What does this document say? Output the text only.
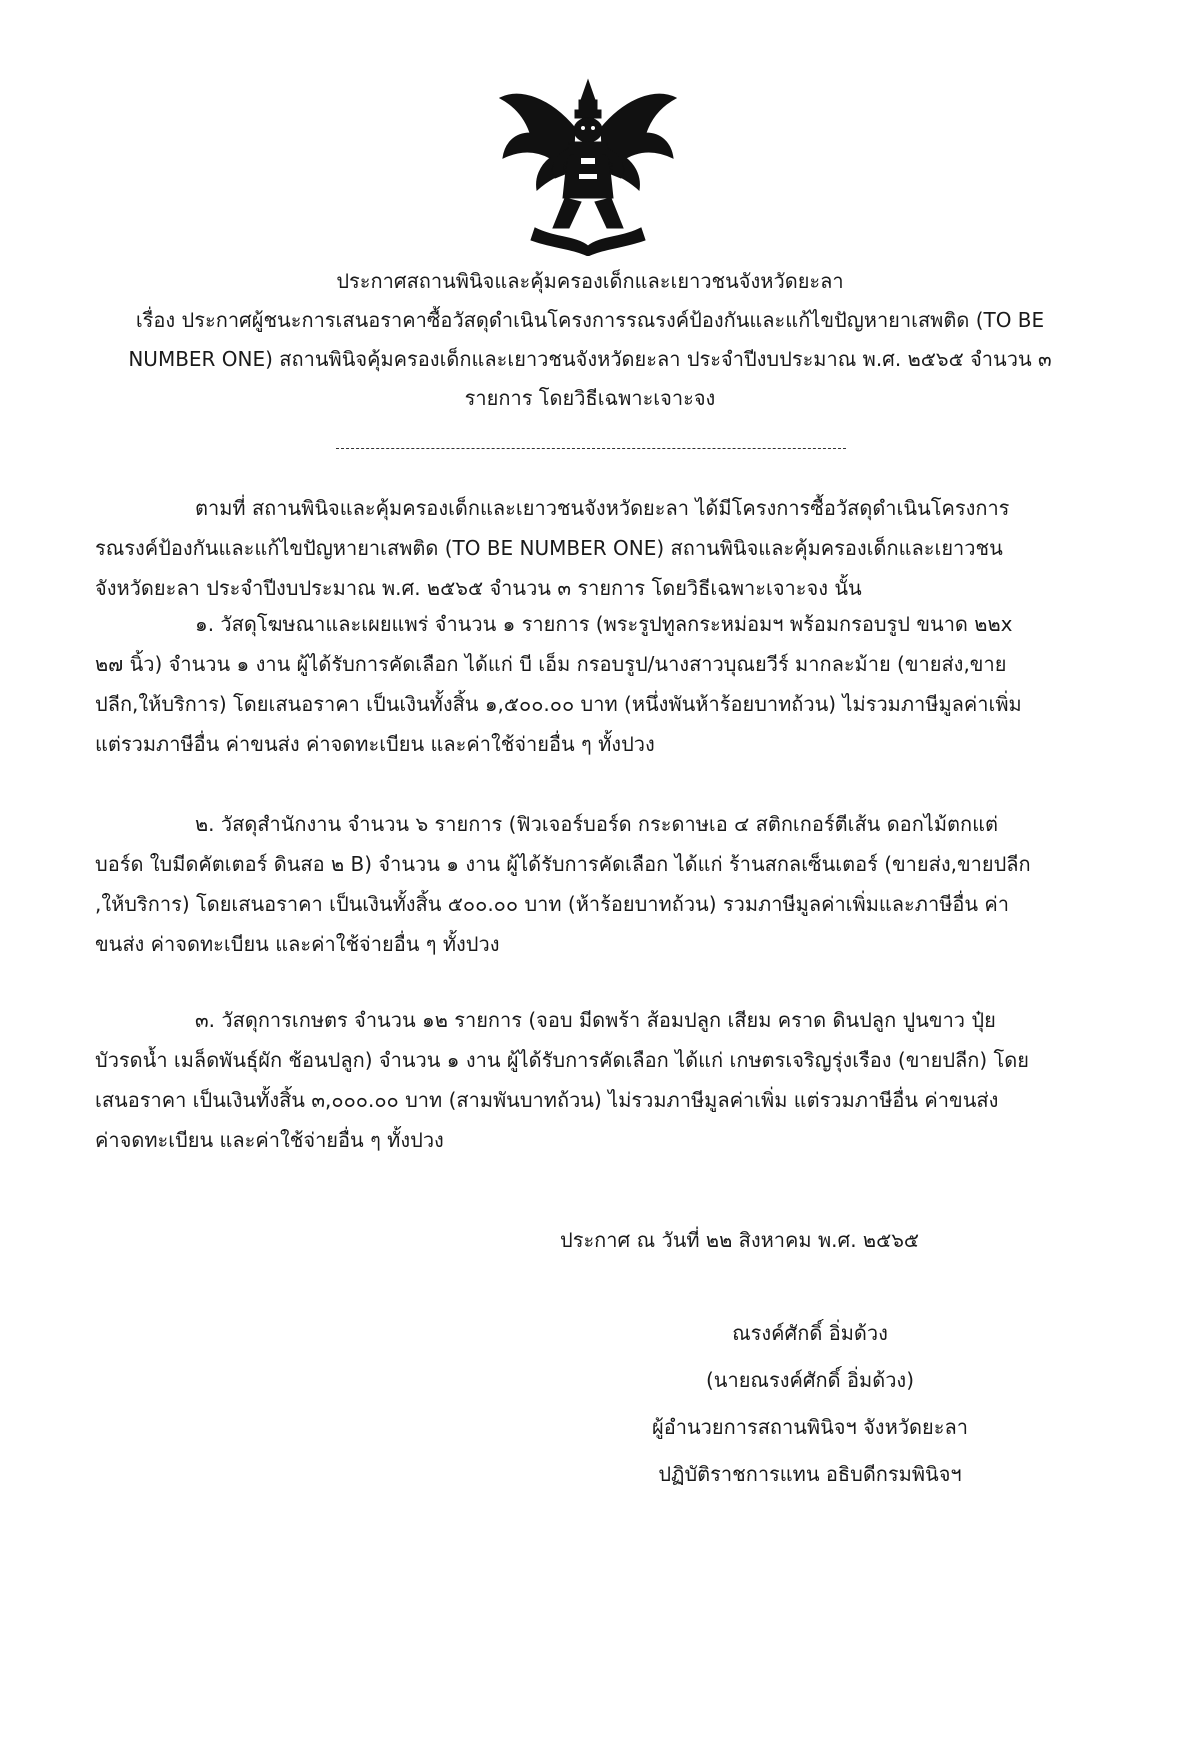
ประกาศสถานพินิจและคุ้มครองเด็กและเยาวชนจังหวัดยะลา
เรื่อง ประกาศผู้ชนะการเสนอราคาซื้อวัสดุดำเนินโครงการรณรงค์ป้องกันและแก้ไขปัญหายาเสพติด (TO BE
NUMBER ONE) สถานพินิจคุ้มครองเด็กและเยาวชนจังหวัดยะลา ประจำปีงบประมาณ พ.ศ. ๒๕๖๕ จำนวน ๓
รายการ โดยวิธีเฉพาะเจาะจง
ตามที่ สถานพินิจและคุ้มครองเด็กและเยาวชนจังหวัดยะลา ได้มีโครงการซื้อวัสดุดำเนินโครงการ
รณรงค์ป้องกันและแก้ไขปัญหายาเสพติด (TO BE NUMBER ONE) สถานพินิจและคุ้มครองเด็กและเยาวชน
จังหวัดยะลา ประจำปีงบประมาณ พ.ศ. ๒๕๖๕ จำนวน ๓ รายการ โดยวิธีเฉพาะเจาะจง นั้น
๑. วัสดุโฆษณาและเผยแพร่ จำนวน ๑ รายการ (พระรูปทูลกระหม่อมฯ พร้อมกรอบรูป ขนาด ๒๒x
๒๗ นิ้ว) จำนวน ๑ งาน ผู้ได้รับการคัดเลือก ได้แก่ บี เอ็ม กรอบรูป/นางสาวบุณยวีร์ มากละม้าย (ขายส่ง,ขาย
ปลีก,ให้บริการ) โดยเสนอราคา เป็นเงินทั้งสิ้น ๑,๕๐๐.๐๐ บาท (หนึ่งพันห้าร้อยบาทถ้วน) ไม่รวมภาษีมูลค่าเพิ่ม
แต่รวมภาษีอื่น ค่าขนส่ง ค่าจดทะเบียน และค่าใช้จ่ายอื่น ๆ ทั้งปวง
๒. วัสดุสำนักงาน จำนวน ๖ รายการ (ฟิวเจอร์บอร์ด กระดาษเอ ๔ สติกเกอร์ตีเส้น ดอกไม้ตกแต่
บอร์ด ใบมีดคัตเตอร์ ดินสอ ๒ B) จำนวน ๑ งาน ผู้ได้รับการคัดเลือก ได้แก่ ร้านสกลเซ็นเตอร์ (ขายส่ง,ขายปลีก
,ให้บริการ) โดยเสนอราคา เป็นเงินทั้งสิ้น ๕๐๐.๐๐ บาท (ห้าร้อยบาทถ้วน) รวมภาษีมูลค่าเพิ่มและภาษีอื่น ค่า
ขนส่ง ค่าจดทะเบียน และค่าใช้จ่ายอื่น ๆ ทั้งปวง
๓. วัสดุการเกษตร จำนวน ๑๒ รายการ (จอบ มีดพร้า ส้อมปลูก เสียม คราด ดินปลูก ปูนขาว ปุ๋ย
บัวรดน้ำ เมล็ดพันธุ์ผัก ช้อนปลูก) จำนวน ๑ งาน ผู้ได้รับการคัดเลือก ได้แก่ เกษตรเจริญรุ่งเรือง (ขายปลีก) โดย
เสนอราคา เป็นเงินทั้งสิ้น ๓,๐๐๐.๐๐ บาท (สามพันบาทถ้วน) ไม่รวมภาษีมูลค่าเพิ่ม แต่รวมภาษีอื่น ค่าขนส่ง
ค่าจดทะเบียน และค่าใช้จ่ายอื่น ๆ ทั้งปวง
ประกาศ ณ วันที่ ๒๒ สิงหาคม พ.ศ. ๒๕๖๕
ณรงค์ศักดิ์ อิ่มด้วง
(นายณรงค์ศักดิ์ อิ่มด้วง)
ผู้อำนวยการสถานพินิจฯ จังหวัดยะลา
ปฏิบัติราชการแทน อธิบดีกรมพินิจฯ
